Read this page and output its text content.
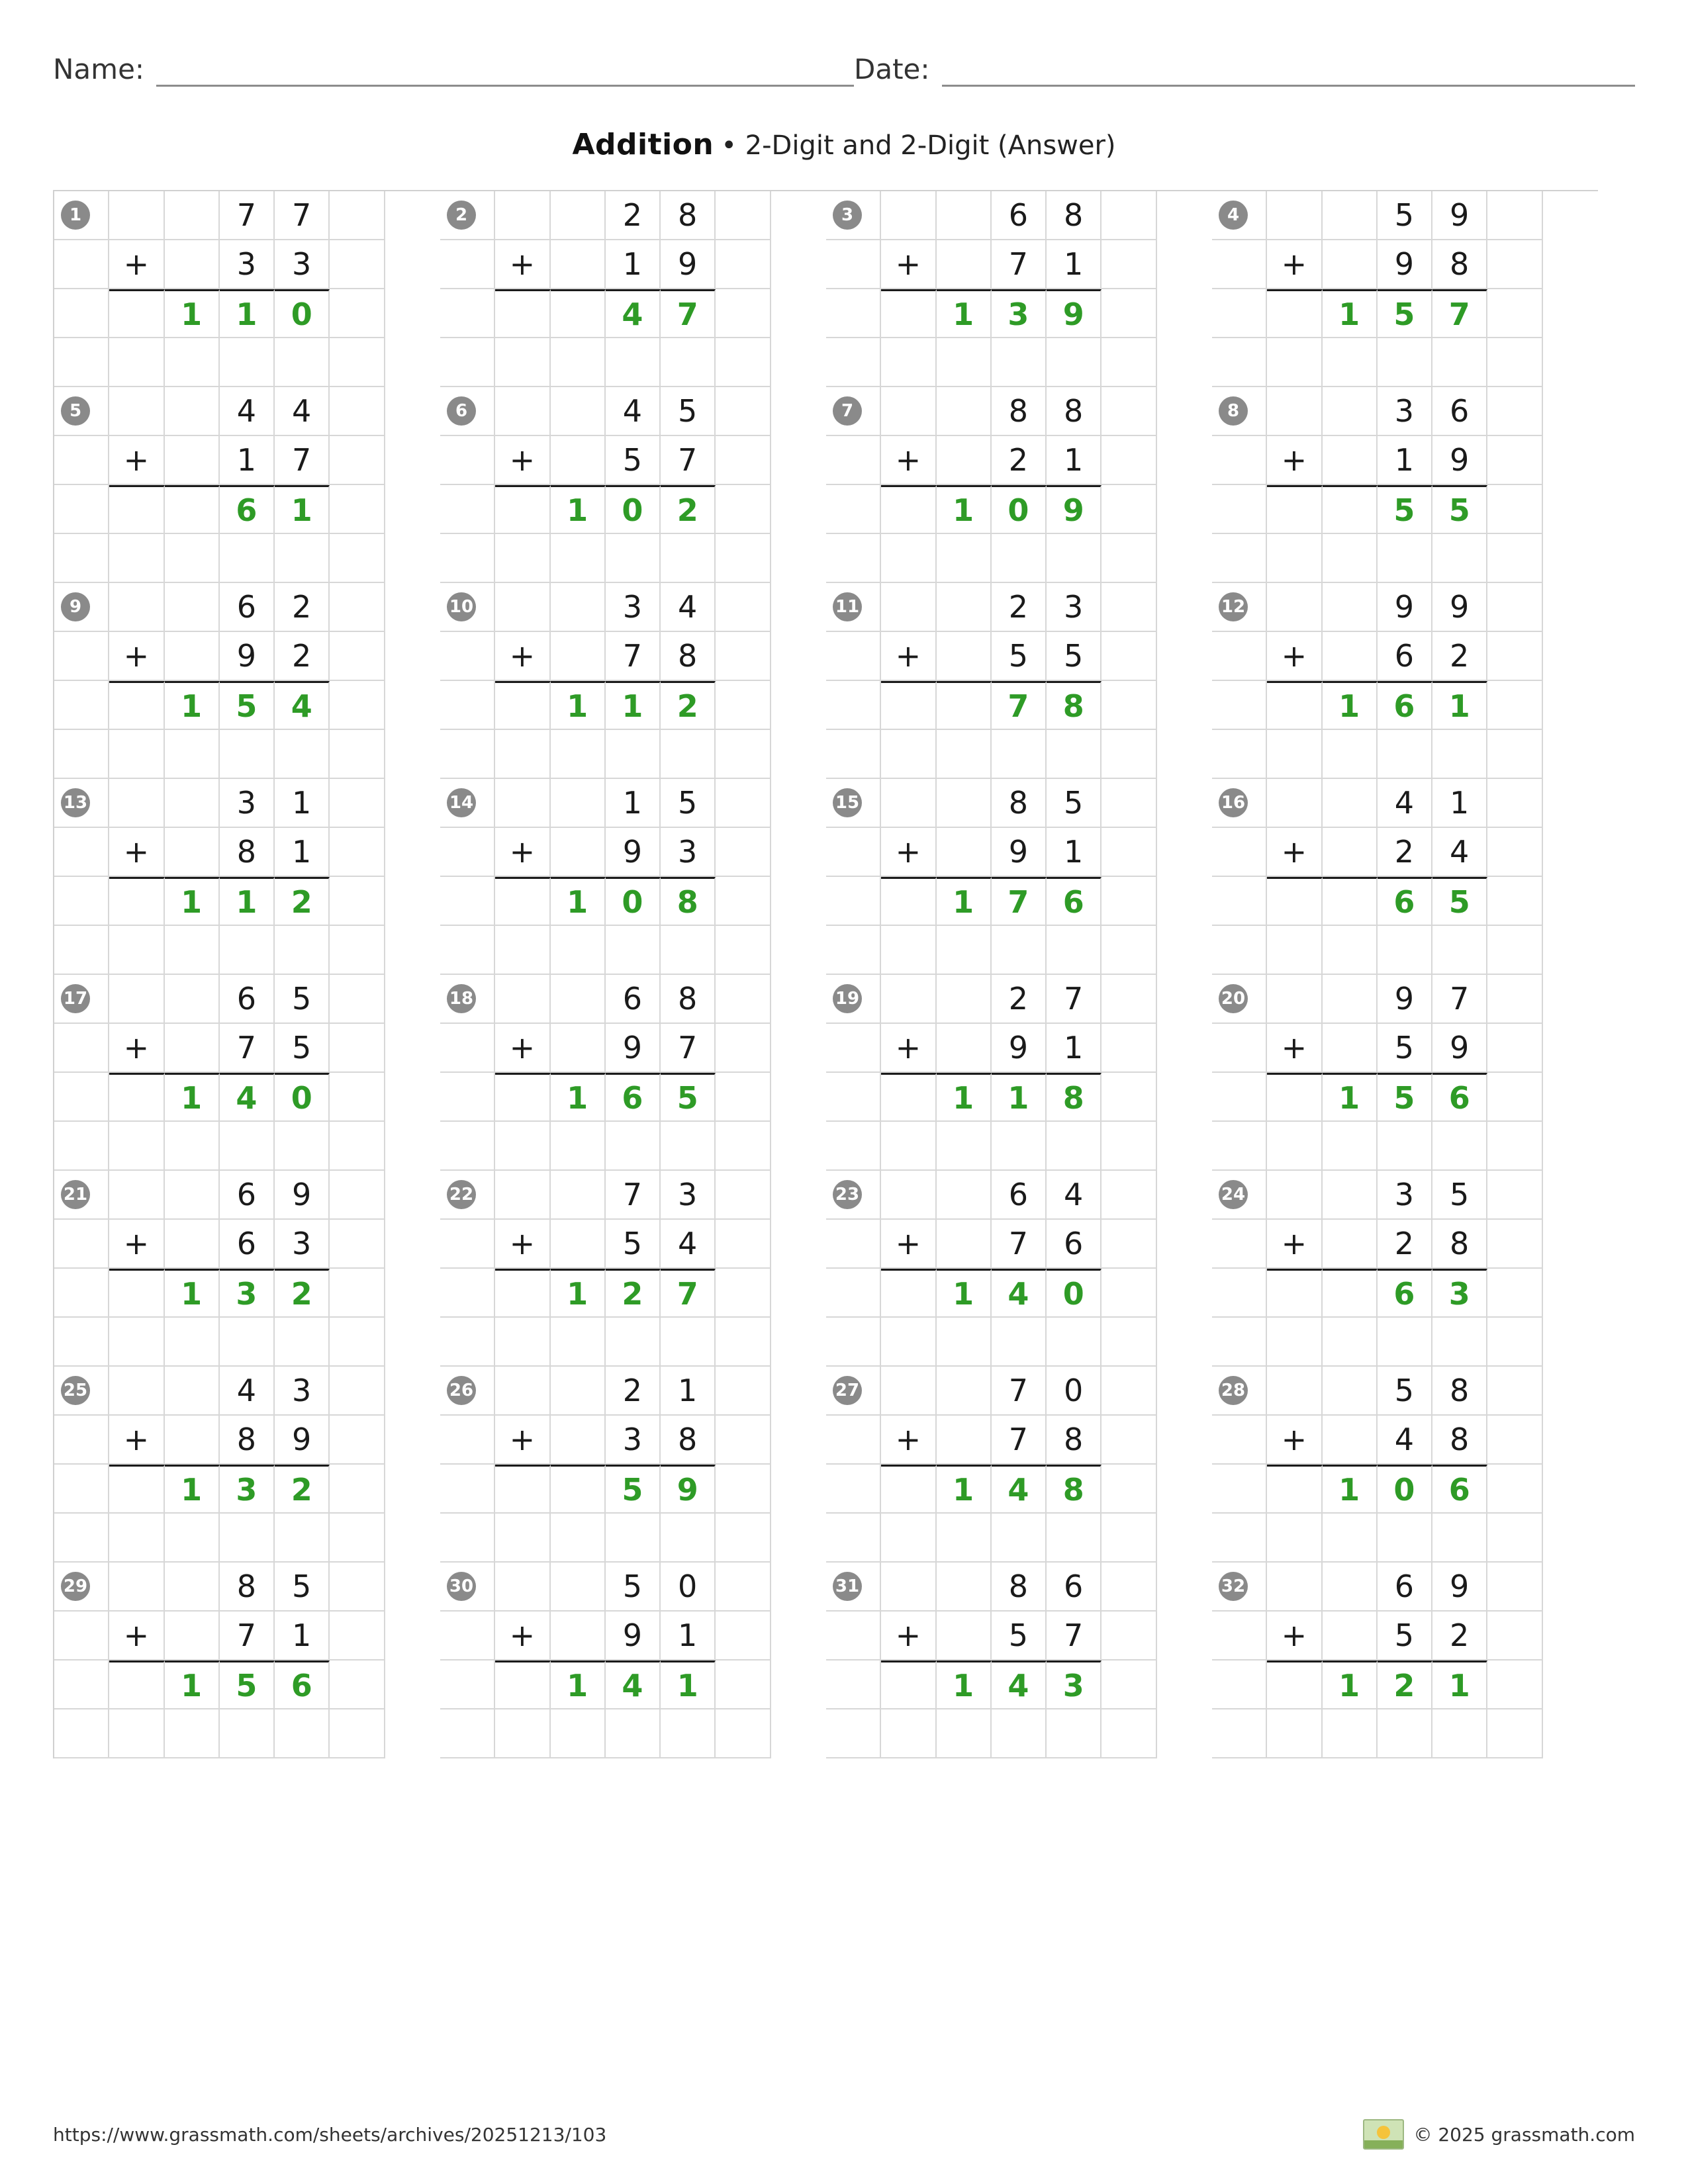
Name:	Date:
Addition • 2-Digit and 2-Digit (Answer)
1	7	7
+	3	3
1	1	0
2	2	8
+	1	9
4	7
3	6	8
+	7	1
1	3	9
4	5	9
+	9	8
1	5	7
5	4	4
+	1	7
6	1
6	4	5
+	5	7
1	0	2
7	8	8
+	2	1
1	0	9
8	3	6
+	1	9
5	5
9	6	2
+	9	2
1	5	4
10	3	4
+	7	8
1	1	2
11	2	3
+	5	5
7	8
12	9	9
+	6	2
1	6	1
13	3	1
+	8	1
1	1	2
14	1	5
+	9	3
1	0	8
15	8	5
+	9	1
1	7	6
16	4	1
+	2	4
6	5
17	6	5
+	7	5
1	4	0
18	6	8
+	9	7
1	6	5
19	2	7
+	9	1
1	1	8
20	9	7
+	5	9
1	5	6
21	6	9
+	6	3
1	3	2
22	7	3
+	5	4
1	2	7
23	6	4
+	7	6
1	4	0
24	3	5
+	2	8
6	3
25	4	3
+	8	9
1	3	2
26	2	1
+	3	8
5	9
27	7	0
+	7	8
1	4	8
28	5	8
+	4	8
1	0	6
29	8	5
+	7	1
1	5	6
30	5	0
+	9	1
1	4	1
31	8	6
+	5	7
1	4	3
32	6	9
+	5	2
1	2	1
https://www.grassmath.com/sheets/archives/20251213/103	© 2025 grassmath.com
